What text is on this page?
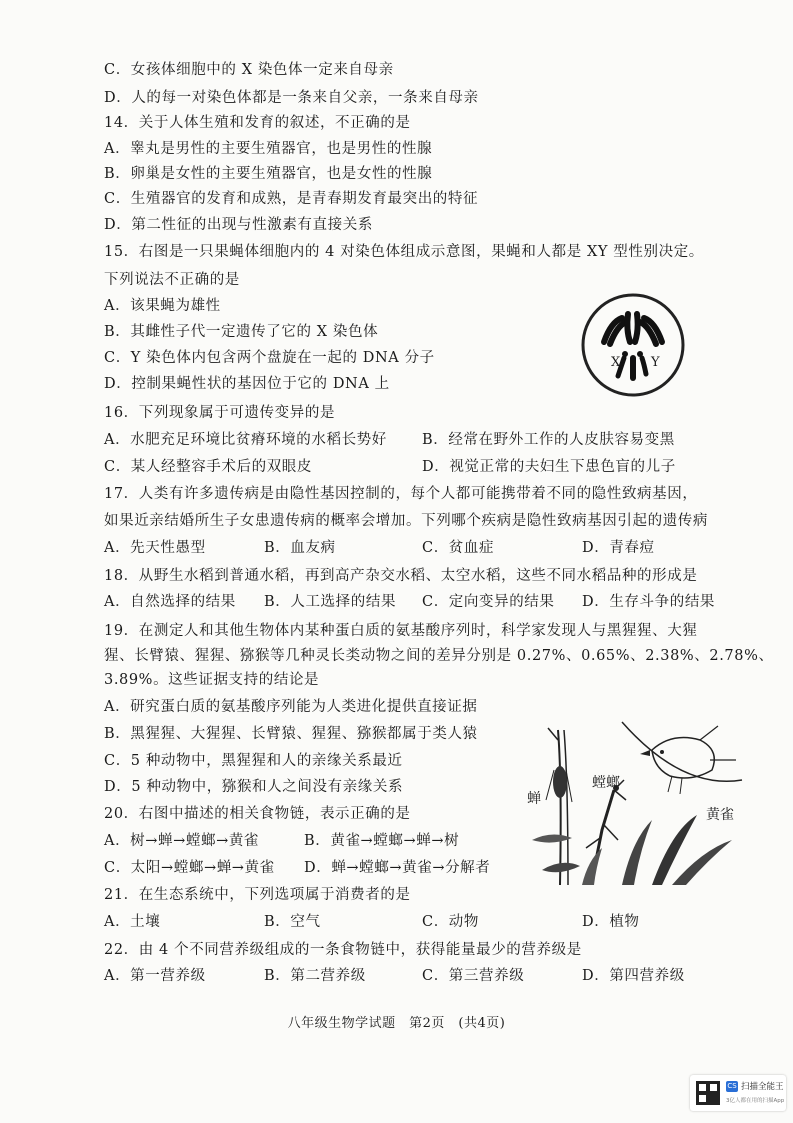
C．女孩体细胞中的 X 染色体一定来自母亲
D．人的每一对染色体都是一条来自父亲，一条来自母亲
14．关于人体生殖和发育的叙述，不正确的是
A．睾丸是男性的主要生殖器官，也是男性的性腺
B．卵巢是女性的主要生殖器官，也是女性的性腺
C．生殖器官的发育和成熟，是青春期发育最突出的特征
D．第二性征的出现与性激素有直接关系
15．右图是一只果蝇体细胞内的 4 对染色体组成示意图，果蝇和人都是 XY 型性别决定。
下列说法不正确的是
A．该果蝇为雄性
B．其雌性子代一定遗传了它的 X 染色体
C．Y 染色体内包含两个盘旋在一起的 DNA 分子
D．控制果蝇性状的基因位于它的 DNA 上
X Y
16．下列现象属于可遗传变异的是
A．水肥充足环境比贫瘠环境的水稻长势好 B．经常在野外工作的人皮肤容易变黑
C．某人经整容手术后的双眼皮	D．视觉正常的夫妇生下患色盲的儿子
17．人类有许多遗传病是由隐性基因控制的，每个人都可能携带着不同的隐性致病基因，
如果近亲结婚所生子女患遗传病的概率会增加。下列哪个疾病是隐性致病基因引起的遗传病
A．先天性愚型	B．血友病	C．贫血症	D．青春痘
18．从野生水稻到普通水稻，再到高产杂交水稻、太空水稻，这些不同水稻品种的形成是
A．自然选择的结果 B．人工选择的结果 C．定向变异的结果 D．生存斗争的结果
19．在测定人和其他生物体内某种蛋白质的氨基酸序列时，科学家发现人与黑猩猩、大猩
猩、长臂猿、猩猩、猕猴等几种灵长类动物之间的差异分别是 0.27%、0.65%、2.38%、2.78%、
3.89%。这些证据支持的结论是
A．研究蛋白质的氨基酸序列能为人类进化提供直接证据
B．黑猩猩、大猩猩、长臂猿、猩猩、猕猴都属于类人猿
C．5 种动物中，黑猩猩和人的亲缘关系最近
D．5 种动物中，猕猴和人之间没有亲缘关系
蝉
螳螂
黄雀
20．右图中描述的相关食物链，表示正确的是
A．树→蝉→螳螂→黄雀	B．黄雀→螳螂→蝉→树
C．太阳→螳螂→蝉→黄雀 D．蝉→螳螂→黄雀→分解者
21．在生态系统中，下列选项属于消费者的是
A．土壤	B．空气	C．动物	D．植物
22．由 4 个不同营养级组成的一条食物链中，获得能量最少的营养级是
A．第一营养级	B．第二营养级	C．第三营养级	D．第四营养级
八年级生物学试题　第2页　(共4页)
CS 扫描全能王
3亿人都在用的扫描App
